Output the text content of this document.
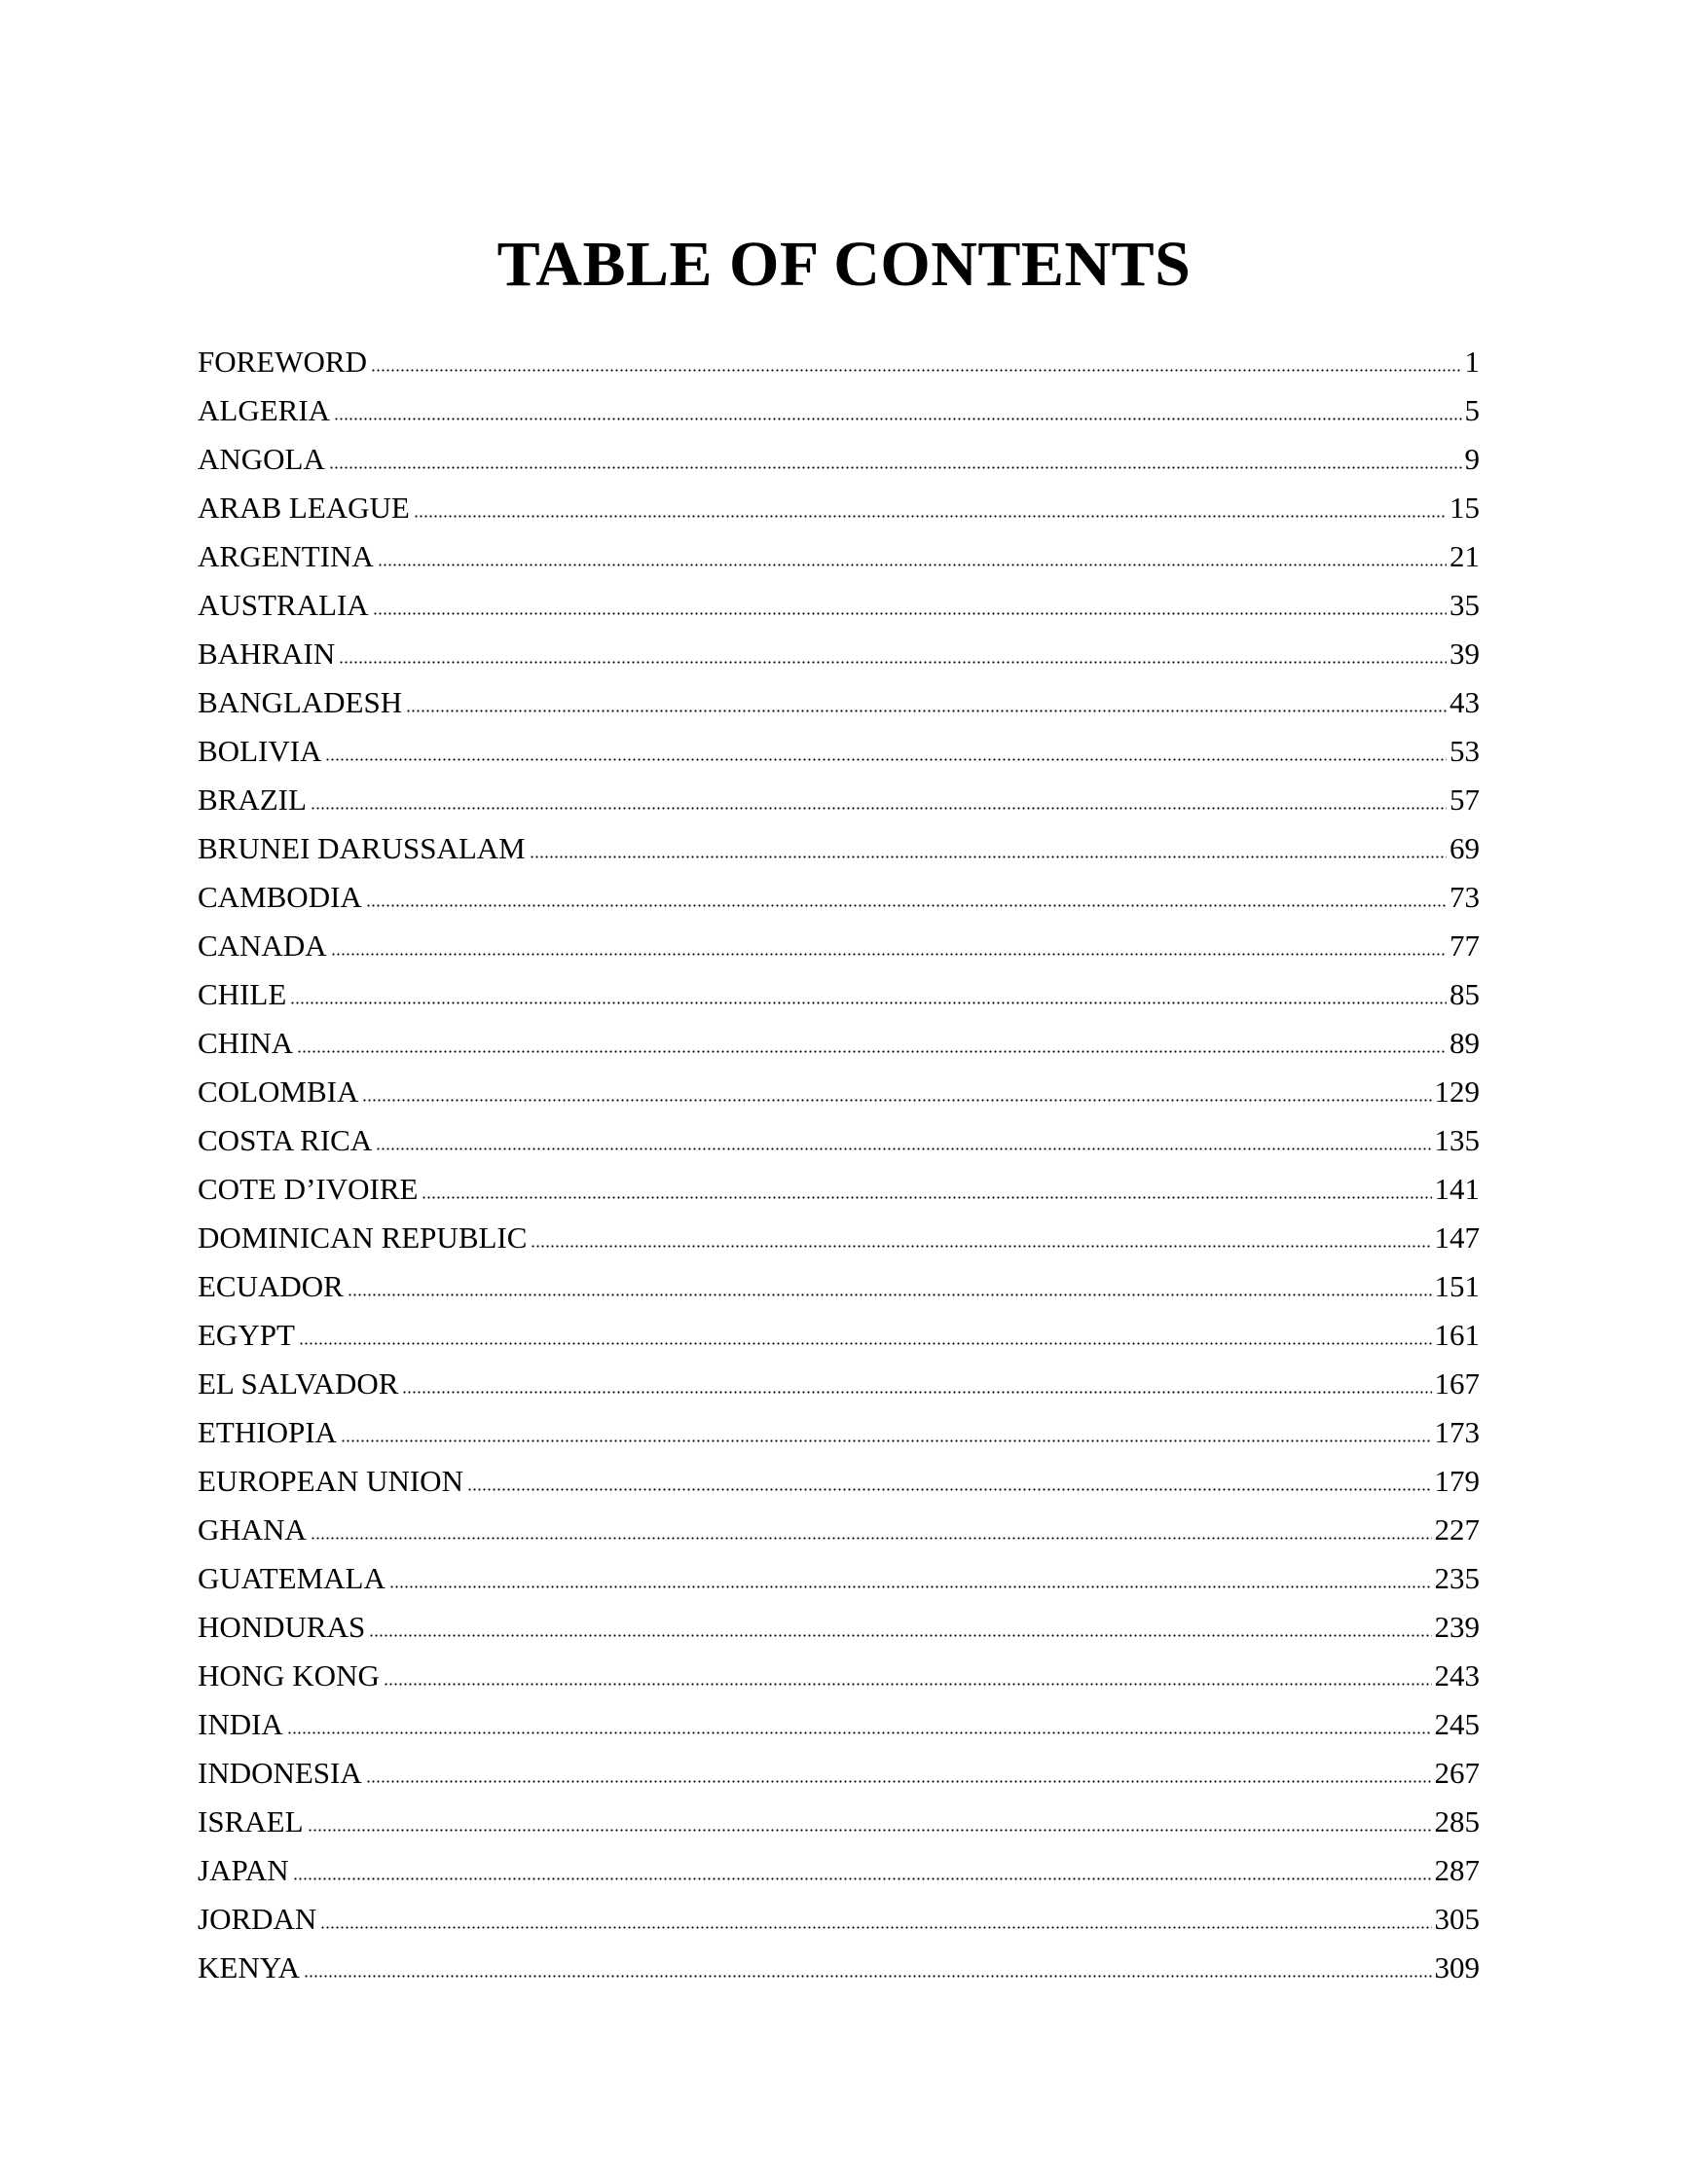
TABLE OF CONTENTS
FOREWORD	1
ALGERIA	5
ANGOLA	9
ARAB LEAGUE	15
ARGENTINA	21
AUSTRALIA	35
BAHRAIN	39
BANGLADESH	43
BOLIVIA	53
BRAZIL	57
BRUNEI DARUSSALAM	69
CAMBODIA	73
CANADA	77
CHILE	85
CHINA	89
COLOMBIA	129
COSTA RICA	135
COTE D’IVOIRE	141
DOMINICAN REPUBLIC	147
ECUADOR	151
EGYPT	161
EL SALVADOR	167
ETHIOPIA	173
EUROPEAN UNION	179
GHANA	227
GUATEMALA	235
HONDURAS	239
HONG KONG	243
INDIA	245
INDONESIA	267
ISRAEL	285
JAPAN	287
JORDAN	305
KENYA	309
